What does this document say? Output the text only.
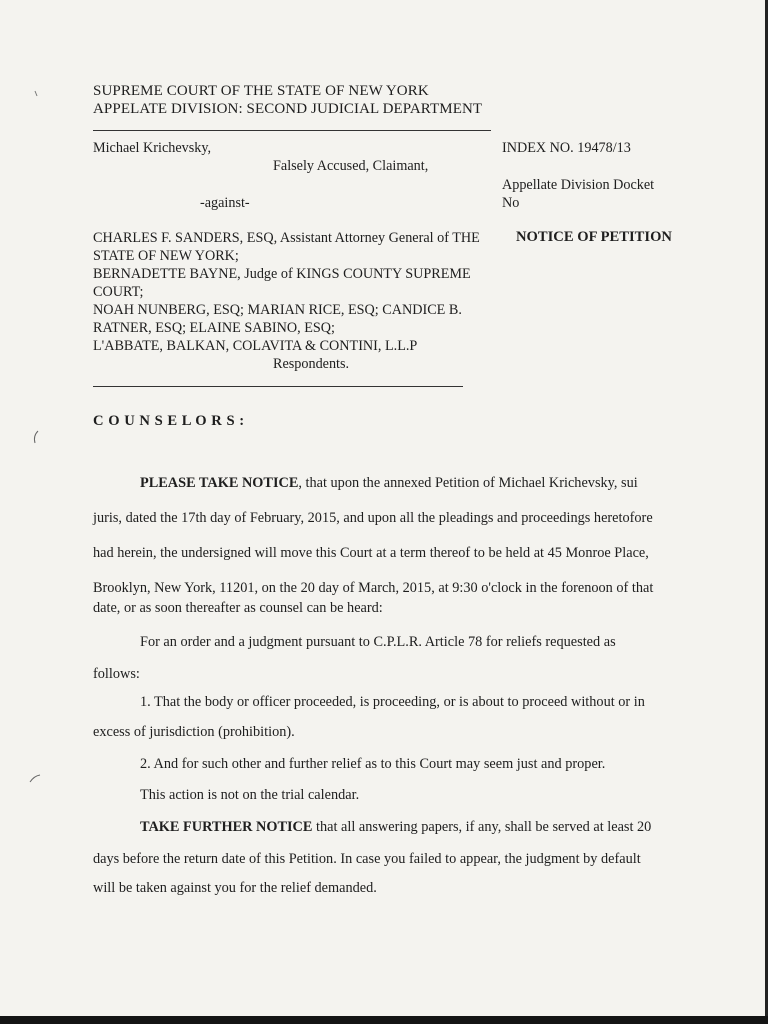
SUPREME COURT OF THE STATE OF NEW YORK
APPELATE DIVISION: SECOND JUDICIAL DEPARTMENT
Michael Krichevsky,
Falsely Accused, Claimant,
-against-
CHARLES F. SANDERS, ESQ, Assistant Attorney General of THE
STATE OF NEW YORK;
BERNADETTE BAYNE, Judge of KINGS COUNTY SUPREME
COURT;
NOAH NUNBERG, ESQ; MARIAN RICE, ESQ; CANDICE B.
RATNER, ESQ; ELAINE SABINO, ESQ;
L'ABBATE, BALKAN, COLAVITA & CONTINI, L.L.P
Respondents.
INDEX NO. 19478/13
Appellate Division Docket
No
NOTICE OF PETITION
C O U N S E L O R S :
PLEASE TAKE NOTICE, that upon the annexed Petition of Michael Krichevsky, sui
juris, dated the 17th day of February, 2015, and upon all the pleadings and proceedings heretofore
had herein, the undersigned will move this Court at a term thereof to be held at 45 Monroe Place,
Brooklyn, New York, 11201, on the 20 day of March, 2015, at 9:30 o'clock in the forenoon of that
date, or as soon thereafter as counsel can be heard:
For an order and a judgment pursuant to C.P.L.R. Article 78 for reliefs requested as
follows:
1. That the body or officer proceeded, is proceeding, or is about to proceed without or in
excess of jurisdiction (prohibition).
2. And for such other and further relief as to this Court may seem just and proper.
This action is not on the trial calendar.
TAKE FURTHER NOTICE that all answering papers, if any, shall be served at least 20
days before the return date of this Petition. In case you failed to appear, the judgment by default
will be taken against you for the relief demanded.
